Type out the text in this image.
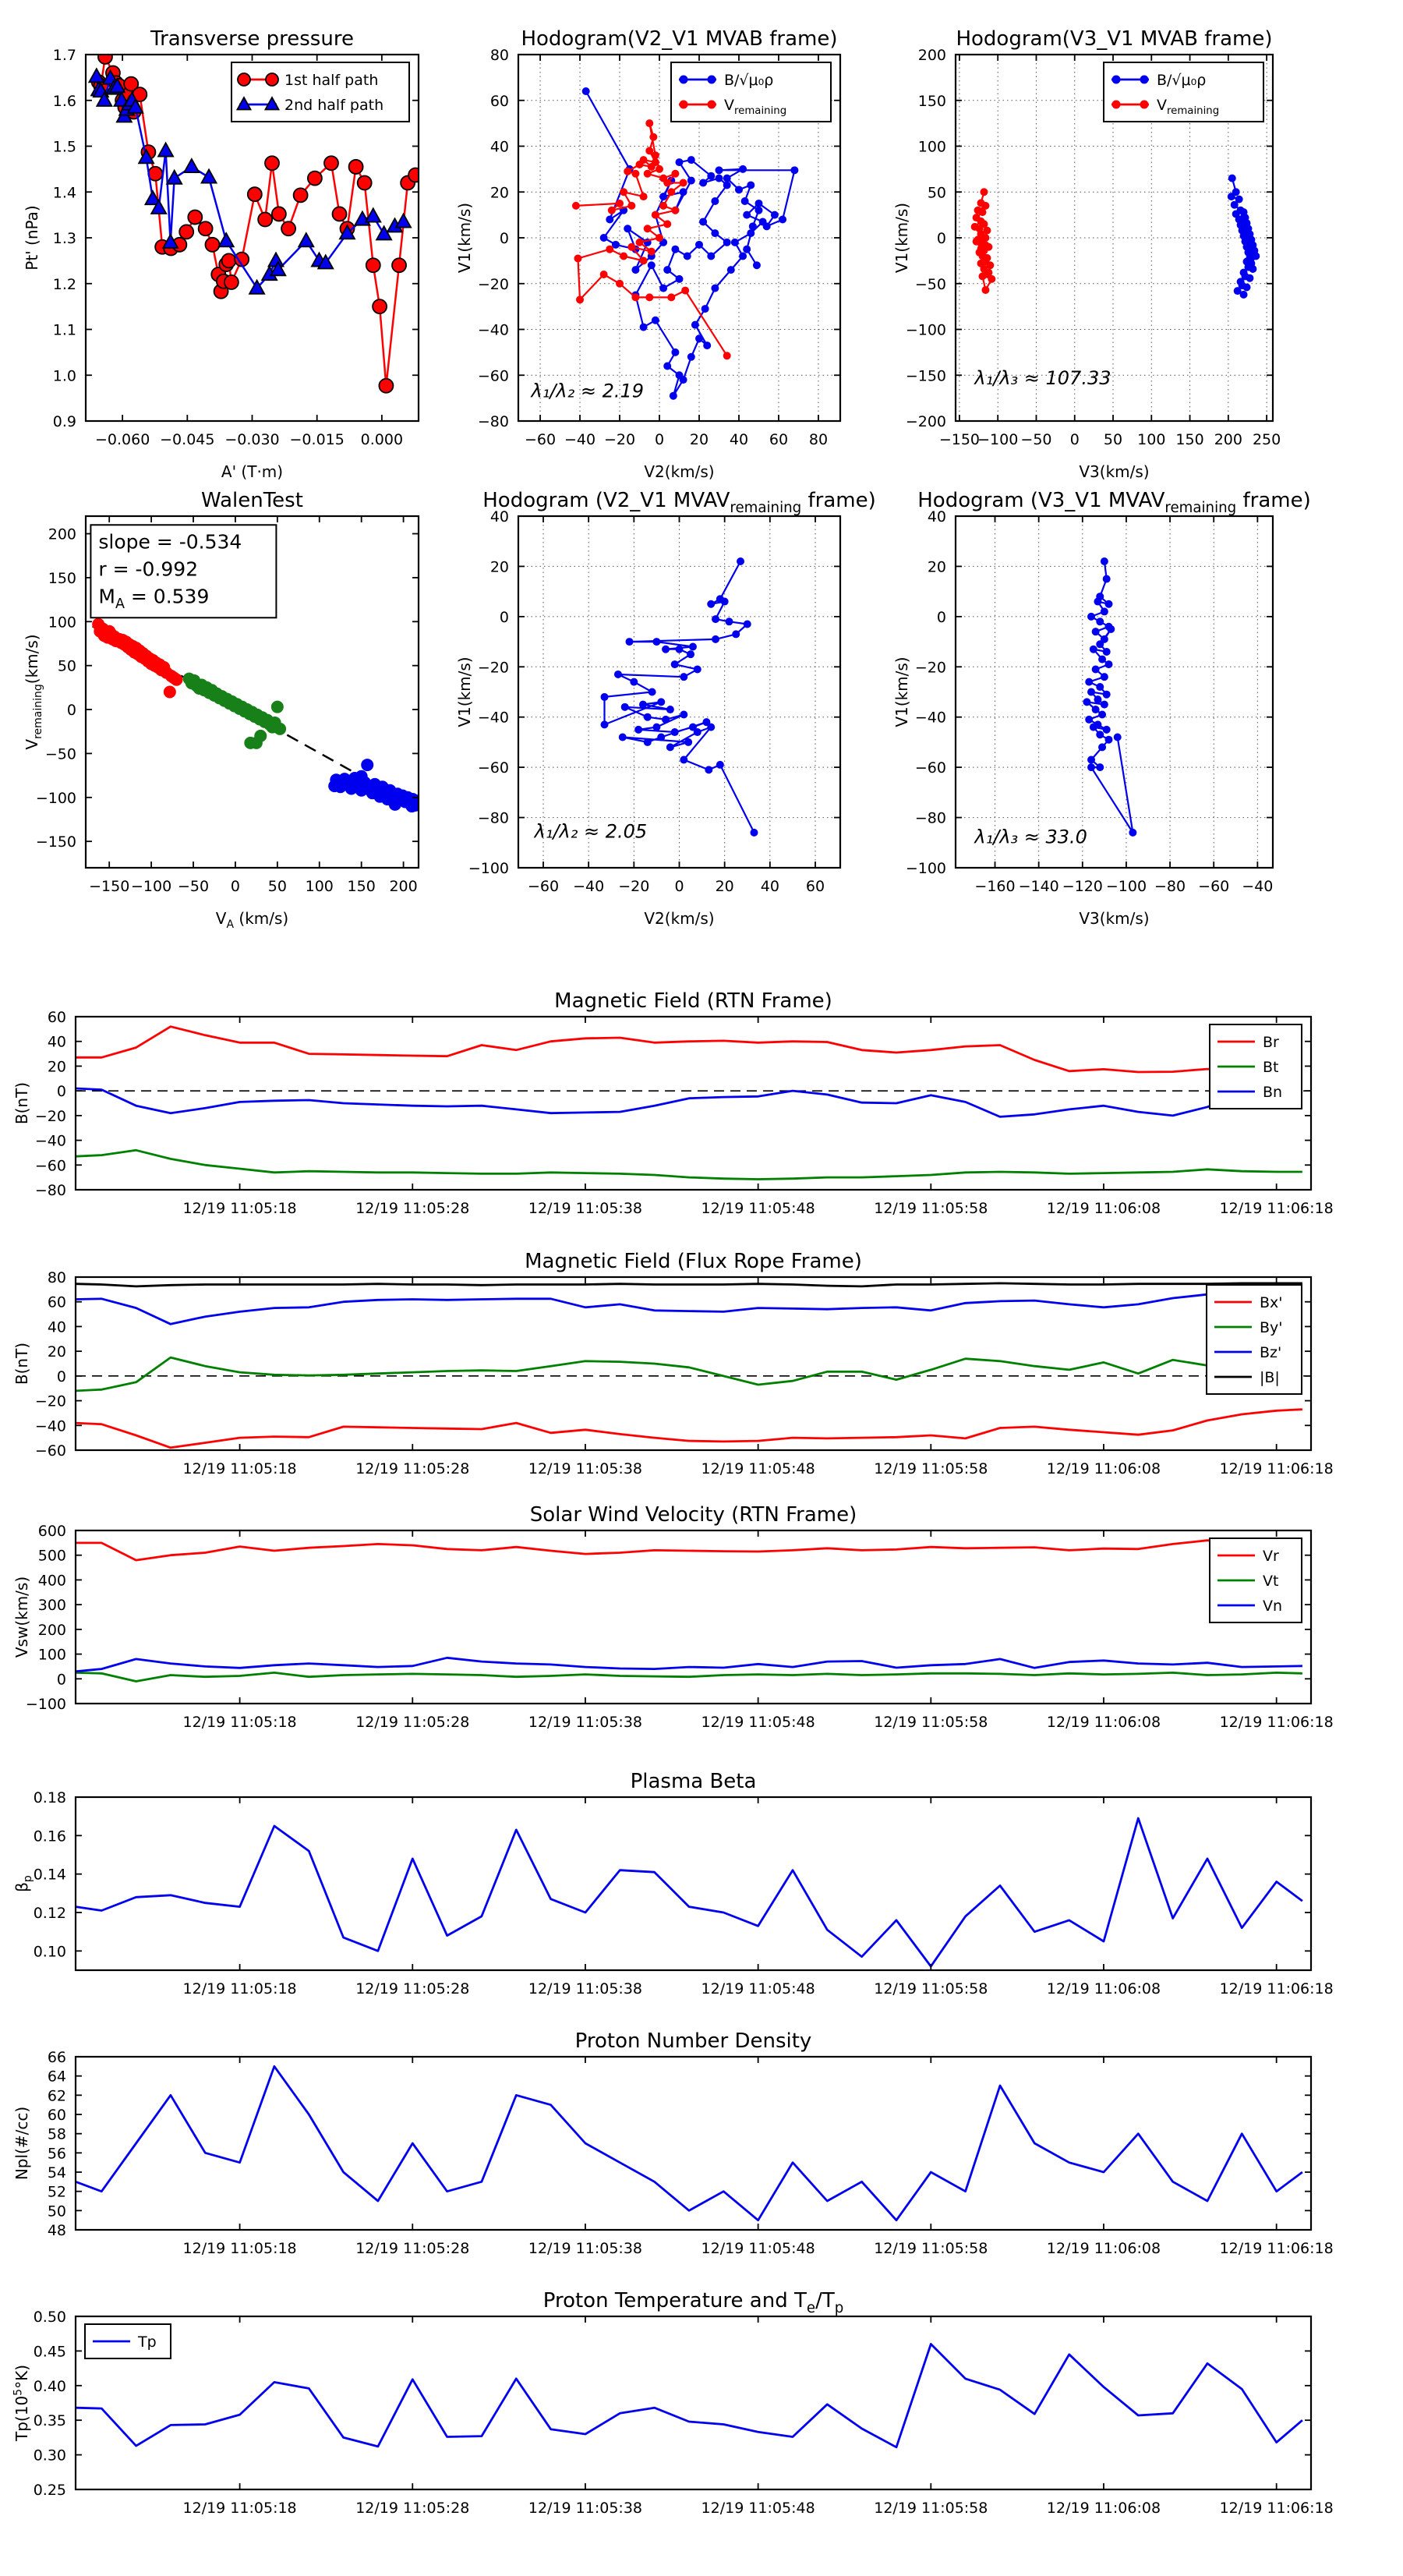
−0.060 −0.045 −0.030 −0.015 0.000
1.7
1.6
1.5
1.4
1.3
1.2
1.1
1.0
0.9
Transverse pressure
A' (T·m)
Pt' (nPa)
1st half path
2nd half path
−60 −40 −20 0 20 40 60 80
80
60
40
20
0
−20
−40
−60
−80
Hodogram(V2_V1 MVAB frame)
V2(km/s)
V1(km/s)
B/√μ₀ρ
$V_{remaining}$
λ₁/λ₂ ≈ 2.19
−150
−100 −50 0 50 100 150 200 250
200
150
100
50
0
−50
−100
−150
−200
Hodogram(V3_V1 MVAB frame)
V3(km/s)
V1(km/s)
B/√μ₀ρ
$V_{remaining}$
λ₁/λ₃ ≈ 107.33
−150 −100 −50 0 50 100 150 200
200
150
100
50
0
−50
−100
−150
WalenTest
$V_A$ (km/s)
$V_{remaining}(km/s)$
slope = -0.534
r = -0.992
$M_A = 0.539$
−60 −40 −20 0 20 40 60
40
20
0
−20
−40
−60
−80
−100
Hodogram (V2_V1 $MVAV_{remaining}$ frame)
V2(km/s)
V1(km/s)
λ₁/λ₂ ≈ 2.05
−160 −140 −120 −100 −80 −60 −40
40
20
0
−20
−40
−60
−80
−100
Hodogram (V3_V1 $MVAV_{remaining}$ frame)
V3(km/s)
V1(km/s)
λ₁/λ₃ ≈ 33.0
12/19 11:05:18	12/19 11:05:28	12/19 11:05:38	12/19 11:05:48	12/19 11:05:58	12/19 11:06:08	12/19 11:06:18
60
40
20
0
−20
−40
−60
−80
Magnetic Field (RTN Frame)
B(nT)
Br
Bt
Bn
12/19 11:05:18	12/19 11:05:28	12/19 11:05:38	12/19 11:05:48	12/19 11:05:58	12/19 11:06:08	12/19 11:06:18
80
60
40
20
0
−20
−40
−60
Magnetic Field (Flux Rope Frame)
B(nT)
Bx'
By'
Bz'
|B|
12/19 11:05:18	12/19 11:05:28	12/19 11:05:38	12/19 11:05:48	12/19 11:05:58	12/19 11:06:08	12/19 11:06:18
600
500
400
300
200
100
0
−100
Solar Wind Velocity (RTN Frame)
Vsw(km/s)
Vr
Vt
Vn
12/19 11:05:18	12/19 11:05:28	12/19 11:05:38	12/19 11:05:48	12/19 11:05:58	12/19 11:06:08	12/19 11:06:18
0.18
0.16
0.14
0.12
0.10
Plasma Beta
$\beta_p$
12/19 11:05:18	12/19 11:05:28	12/19 11:05:38	12/19 11:05:48	12/19 11:05:58	12/19 11:06:08	12/19 11:06:18
66
64
62
60
58
56
54
52
50
48
Proton Number Density
Npl(#/cc)
12/19 11:05:18	12/19 11:05:28	12/19 11:05:38	12/19 11:05:48	12/19 11:05:58	12/19 11:06:08	12/19 11:06:18
0.50
0.45
0.40
0.35
0.30
0.25
Proton Temperature and $T_e/T_p$
$Tp(10^5^\circ K)$
Tp
